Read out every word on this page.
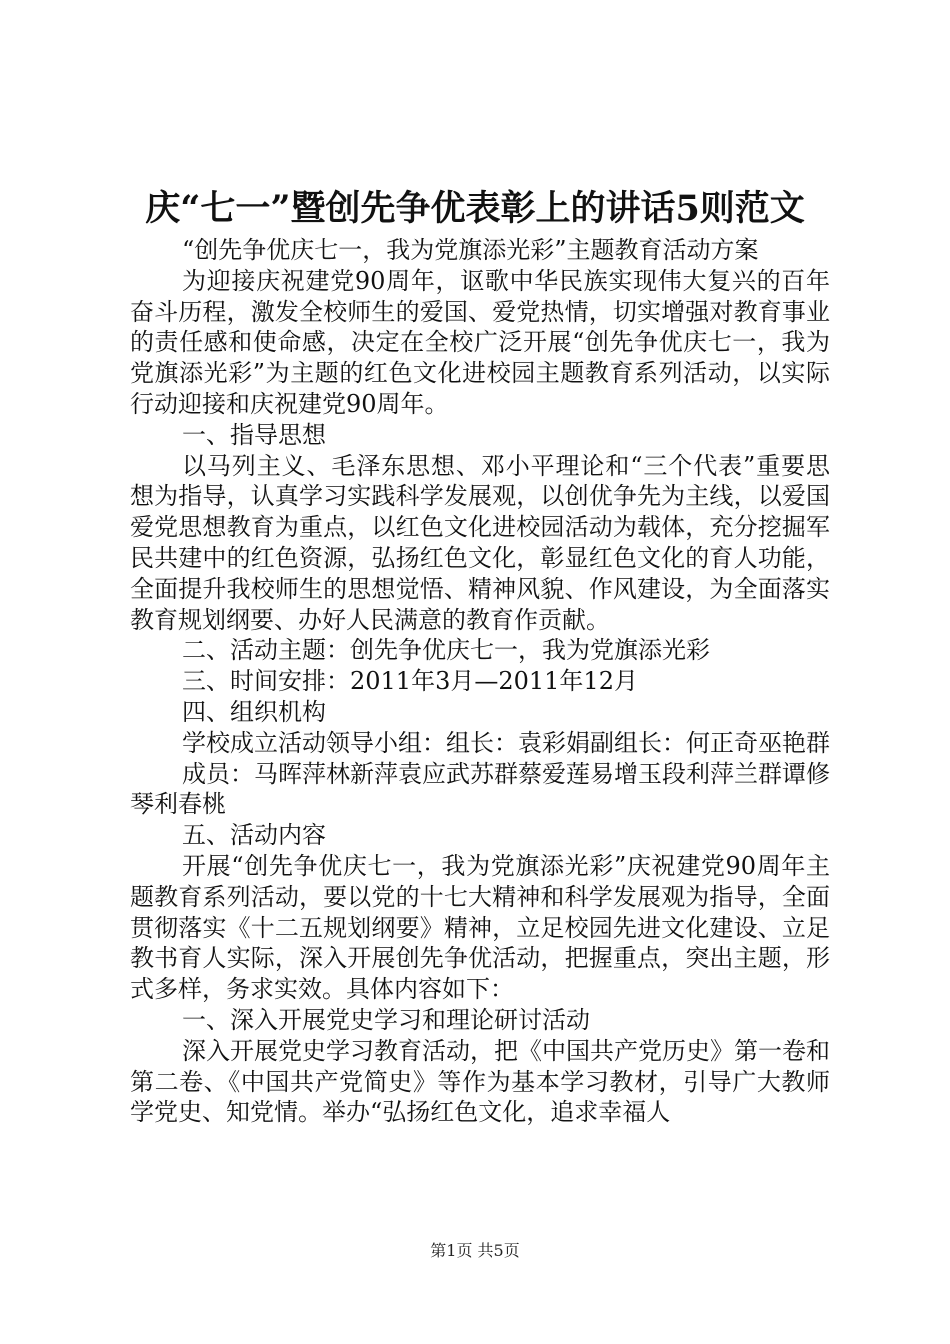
庆“七一”暨创先争优表彰上的讲话5则范文

“创先争优庆七一，我为党旗添光彩”主题教育活动方案

为迎接庆祝建党90周年，讴歌中华民族实现伟大复兴的百年奋斗历程，激发全校师生的爱国、爱党热情，切实增强对教育事业的责任感和使命感，决定在全校广泛开展“创先争优庆七一，我为党旗添光彩”为主题的红色文化进校园主题教育系列活动，以实际行动迎接和庆祝建党90周年。

一、指导思想

以马列主义、毛泽东思想、邓小平理论和“三个代表”重要思想为指导，认真学习实践科学发展观，以创优争先为主线，以爱国爱党思想教育为重点，以红色文化进校园活动为载体，充分挖掘军民共建中的红色资源，弘扬红色文化，彰显红色文化的育人功能，全面提升我校师生的思想觉悟、精神风貌、作风建设，为全面落实教育规划纲要、办好人民满意的教育作贡献。

二、活动主题：创先争优庆七一，我为党旗添光彩

三、时间安排：2011年3月—2011年12月

四、组织机构

学校成立活动领导小组：组长：袁彩娟副组长：何正奇巫艳群

成员：马晖萍林新萍袁应武苏群蔡爱莲易增玉段利萍兰群谭修琴利春桃

五、活动内容

开展“创先争优庆七一，我为党旗添光彩”庆祝建党90周年主题教育系列活动，要以党的十七大精神和科学发展观为指导，全面贯彻落实《十二五规划纲要》精神，立足校园先进文化建设、立足教书育人实际，深入开展创先争优活动，把握重点，突出主题，形式多样，务求实效。具体内容如下：

一、深入开展党史学习和理论研讨活动

深入开展党史学习教育活动，把《中国共产党历史》第一卷和第二卷、《中国共产党简史》等作为基本学习教材，引导广大教师学党史、知党情。举办“弘扬红色文化，追求幸福人

第1页 共5页
